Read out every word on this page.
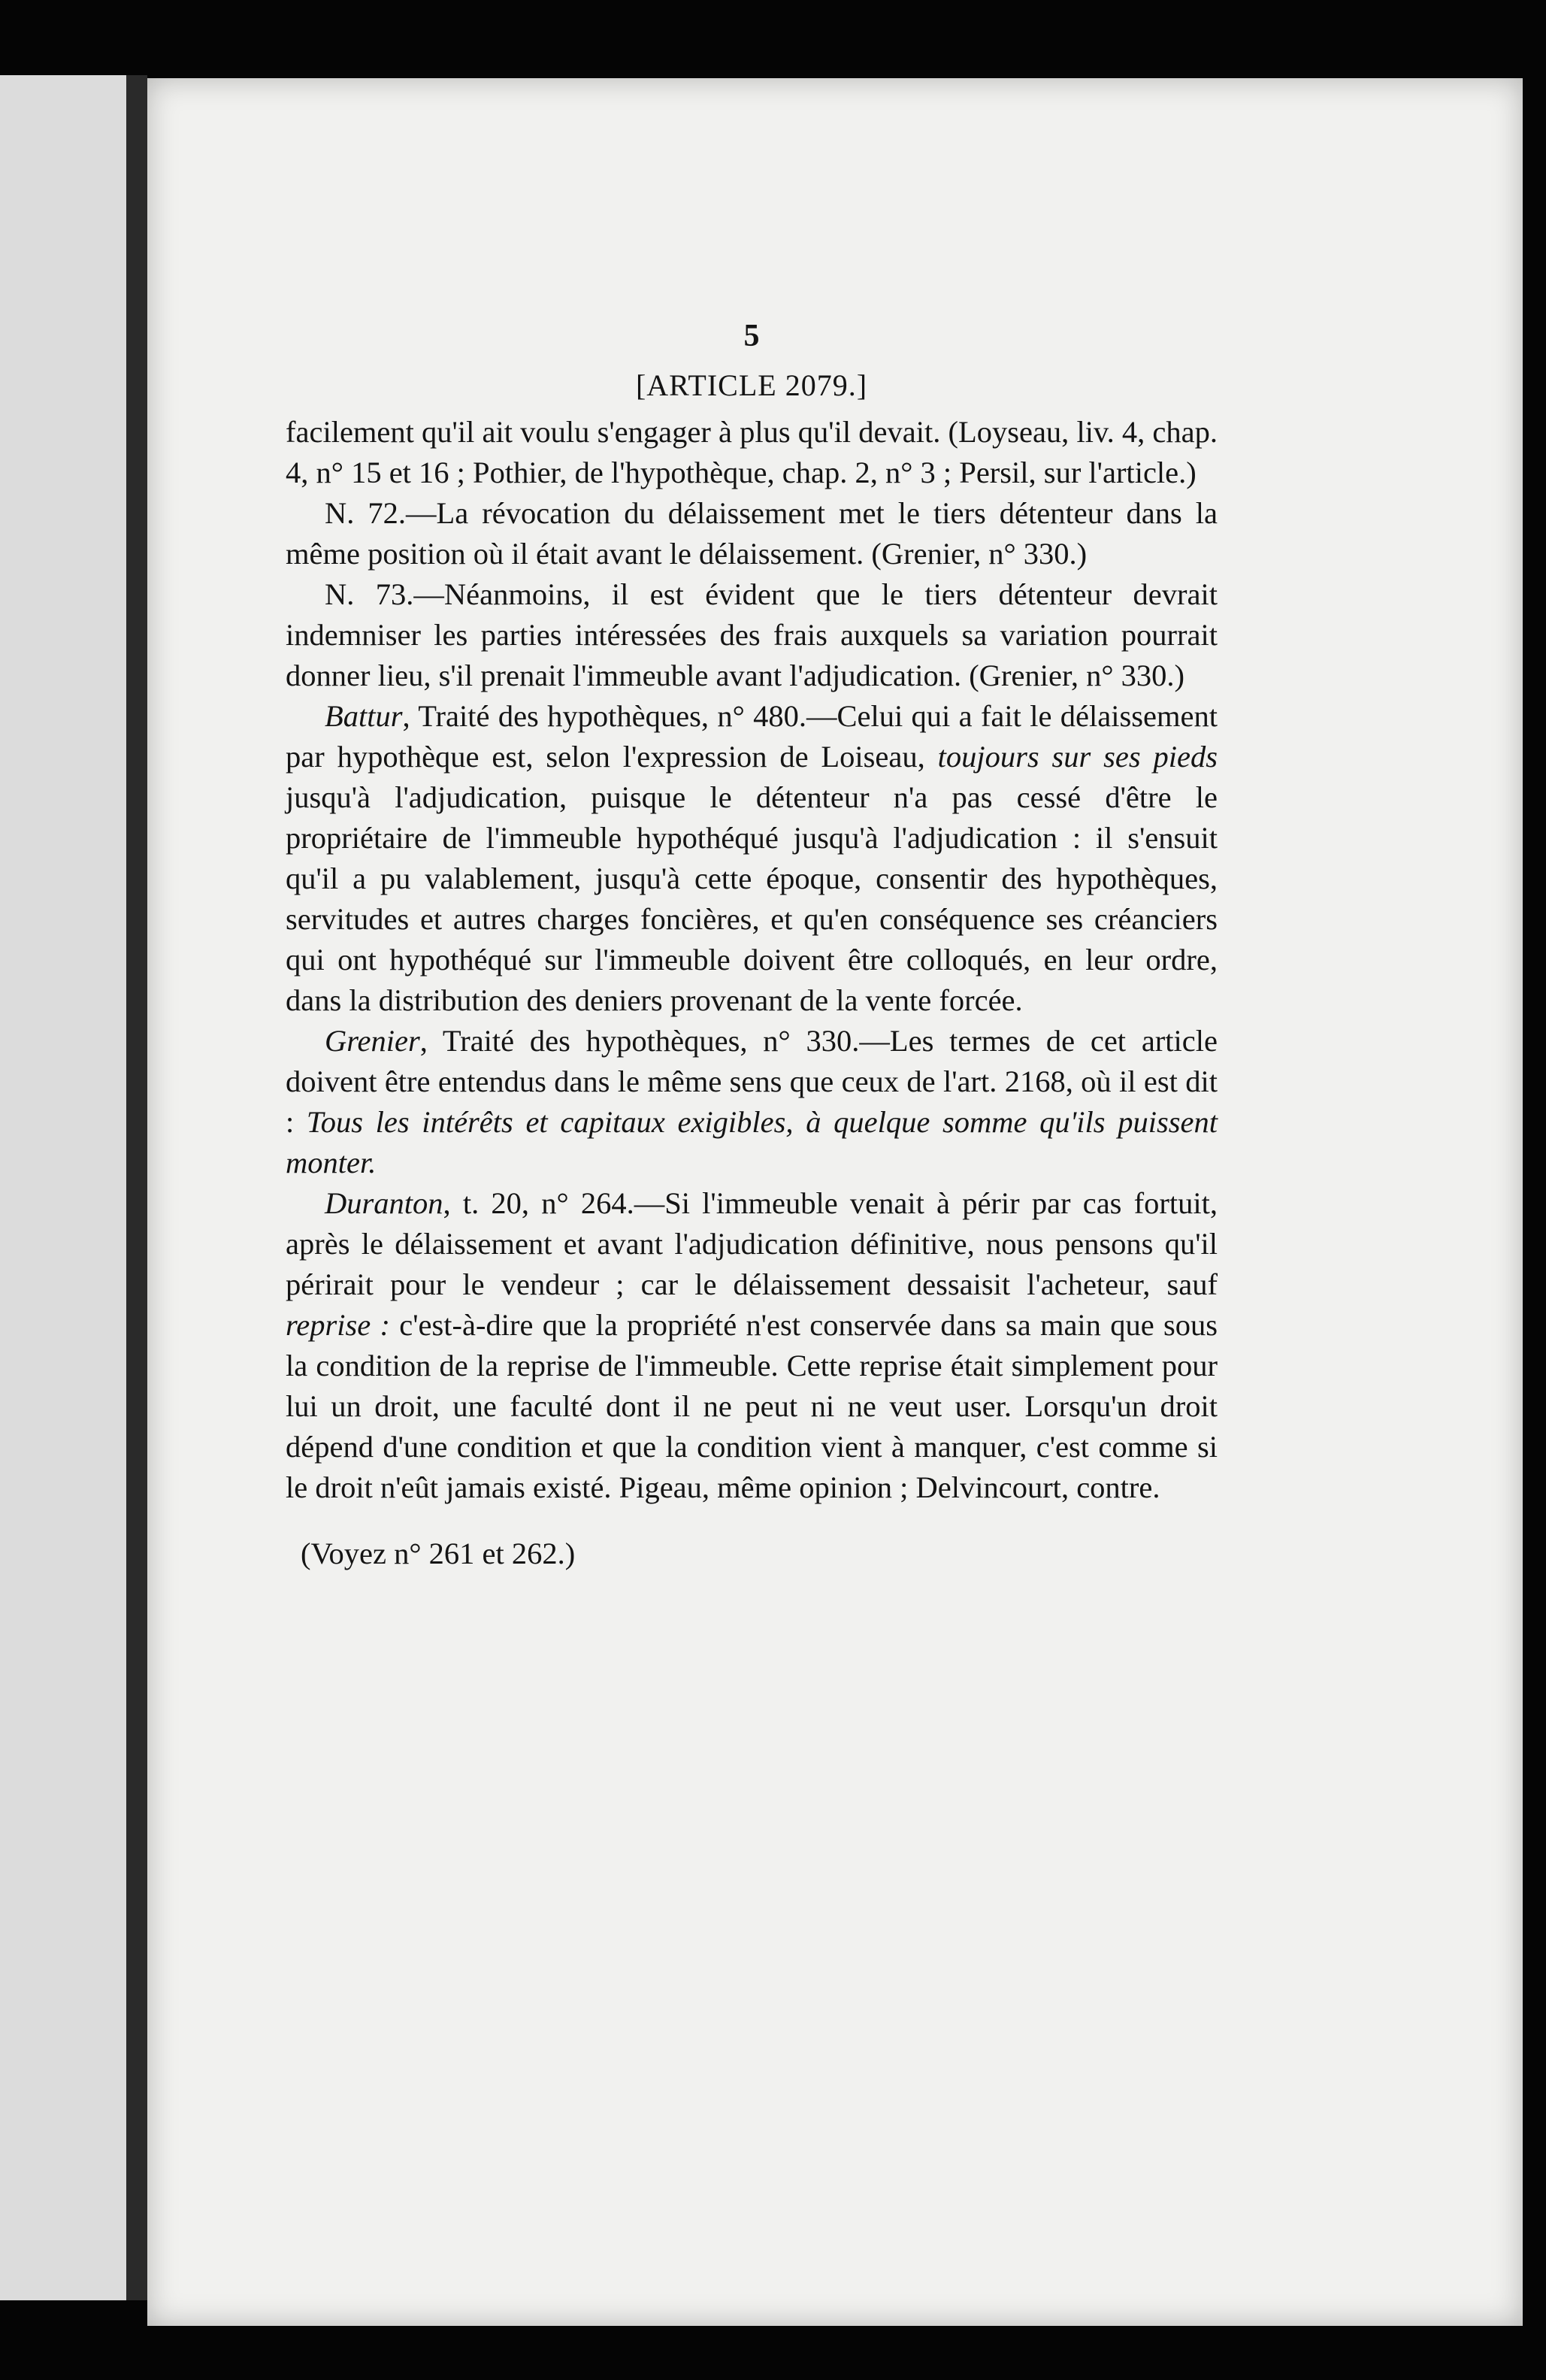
5
[ARTICLE 2079.]

facilement qu'il ait voulu s'engager à plus qu'il devait. (Loyseau, liv. 4, chap. 4, n° 15 et 16 ; Pothier, de l'hypothèque, chap. 2, n° 3 ; Persil, sur l'article.)

N. 72.—La révocation du délaissement met le tiers détenteur dans la même position où il était avant le délaissement. (Grenier, n° 330.)

N. 73.—Néanmoins, il est évident que le tiers détenteur devrait indemniser les parties intéressées des frais auxquels sa variation pourrait donner lieu, s'il prenait l'immeuble avant l'adjudication. (Grenier, n° 330.)

Battur, Traité des hypothèques, n° 480.—Celui qui a fait le délaissement par hypothèque est, selon l'expression de Loiseau, toujours sur ses pieds jusqu'à l'adjudication, puisque le détenteur n'a pas cessé d'être le propriétaire de l'immeuble hypothéqué jusqu'à l'adjudication : il s'ensuit qu'il a pu valablement, jusqu'à cette époque, consentir des hypothèques, servitudes et autres charges foncières, et qu'en conséquence ses créanciers qui ont hypothéqué sur l'immeuble doivent être colloqués, en leur ordre, dans la distribution des deniers provenant de la vente forcée.

Grenier, Traité des hypothèques, n° 330.—Les termes de cet article doivent être entendus dans le même sens que ceux de l'art. 2168, où il est dit : Tous les intérêts et capitaux exigibles, à quelque somme qu'ils puissent monter.

Duranton, t. 20, n° 264.—Si l'immeuble venait à périr par cas fortuit, après le délaissement et avant l'adjudication définitive, nous pensons qu'il périrait pour le vendeur ; car le délaissement dessaisit l'acheteur, sauf reprise : c'est-à-dire que la propriété n'est conservée dans sa main que sous la condition de la reprise de l'immeuble. Cette reprise était simplement pour lui un droit, une faculté dont il ne peut ni ne veut user. Lorsqu'un droit dépend d'une condition et que la condition vient à manquer, c'est comme si le droit n'eût jamais existé. Pigeau, même opinion ; Delvincourt, contre.

(Voyez n° 261 et 262.)
